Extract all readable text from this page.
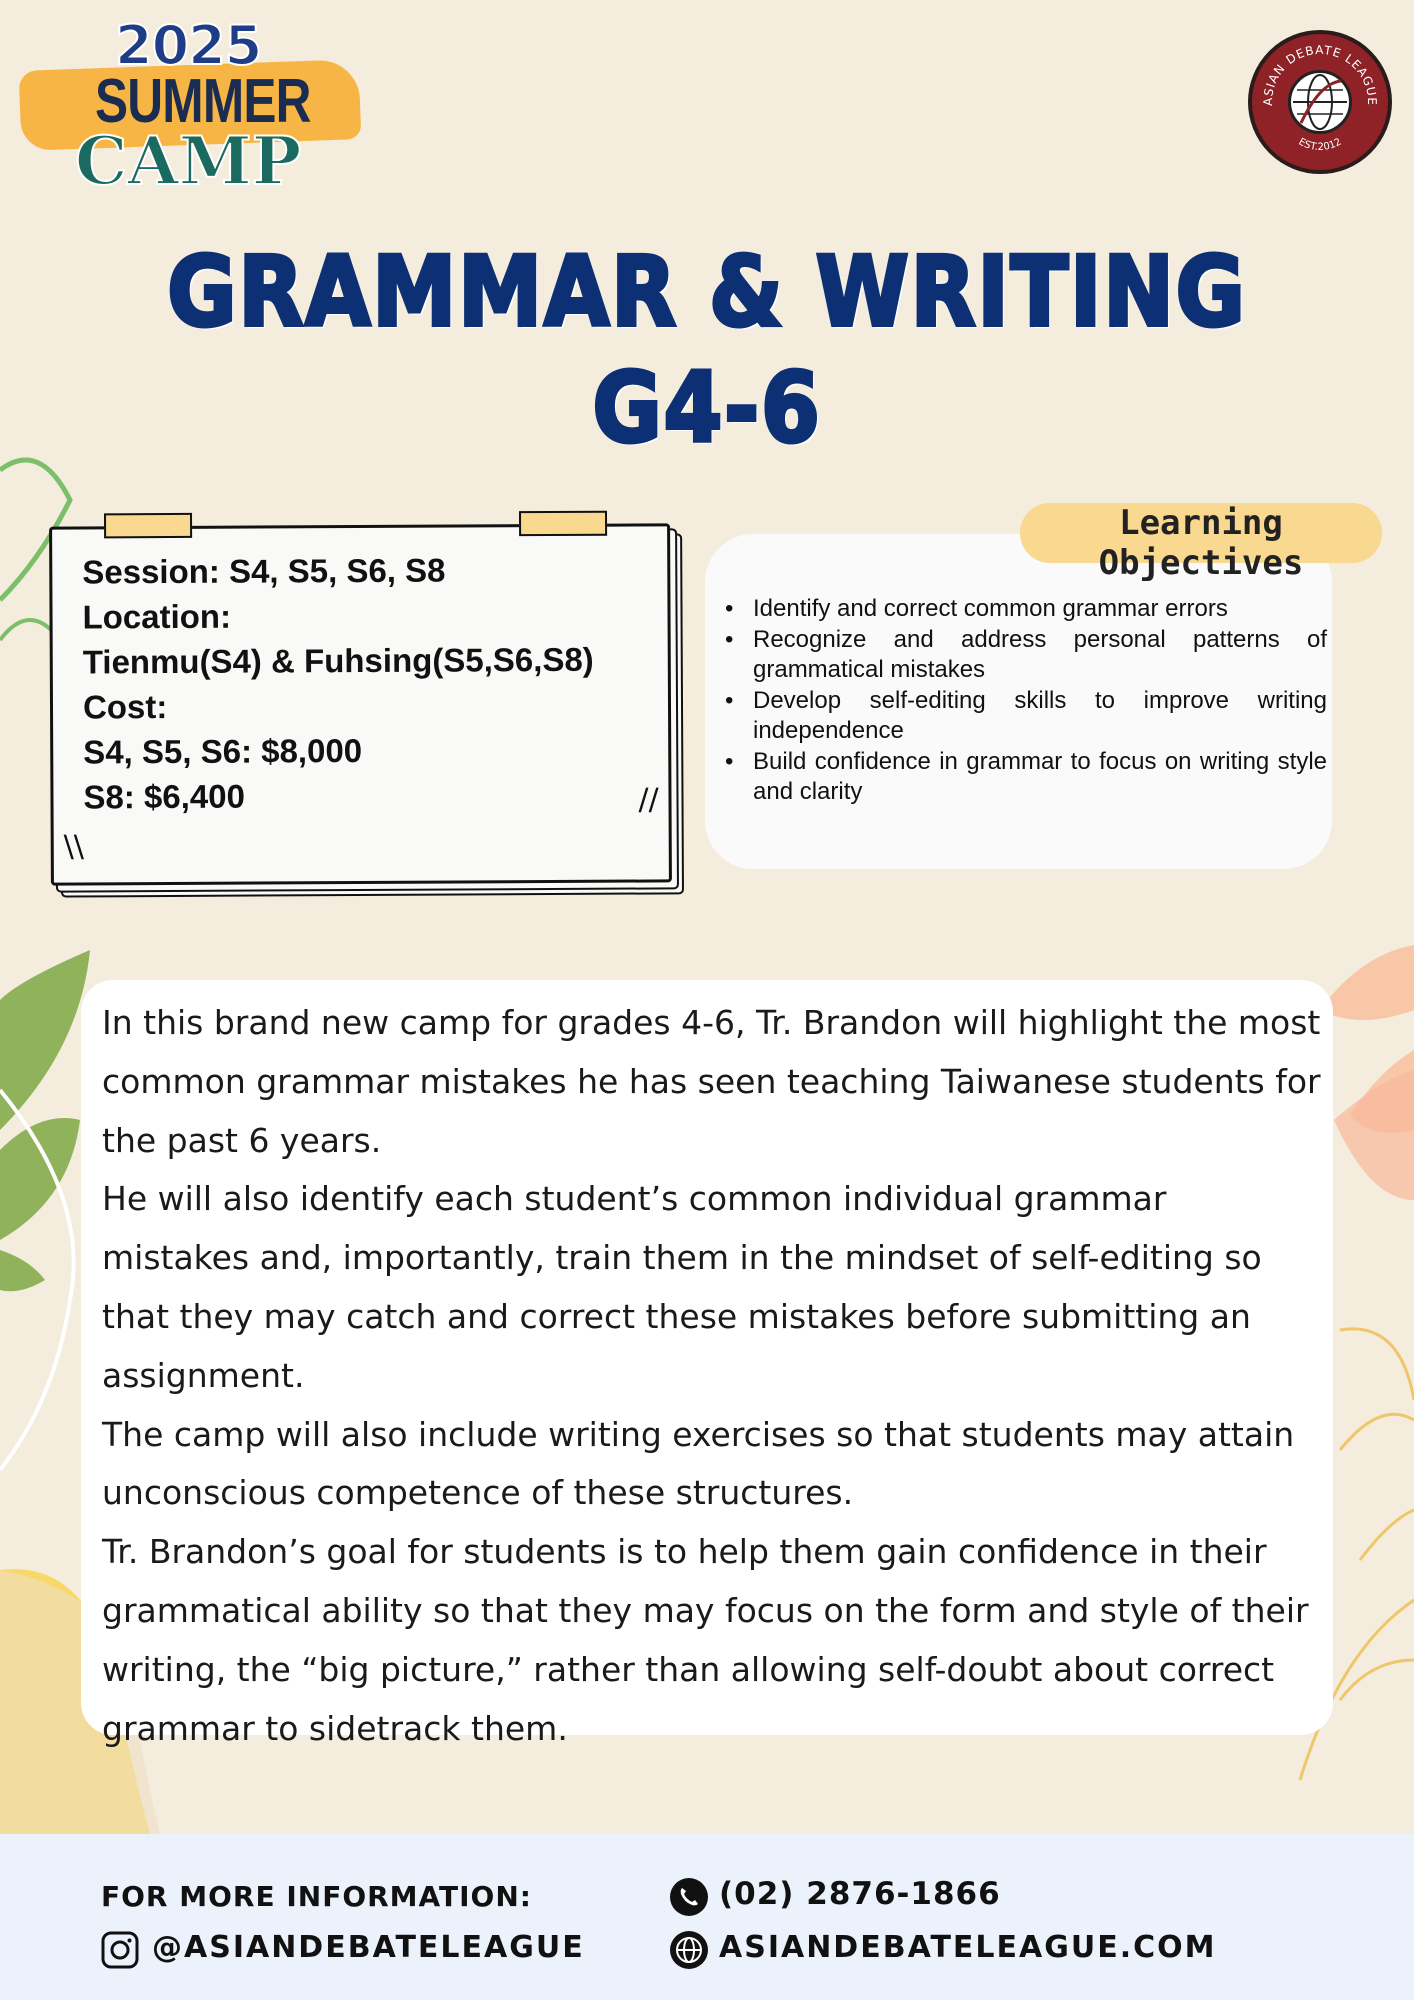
2025
SUMMER
CAMP
ASIAN DEBATE LEAGUE
EST.2012
GRAMMAR & WRITING
G4-6
Session: S4, S5, S6, S8
Location:
Tienmu(S4) & Fuhsing(S5,S6,S8)
Cost:
S4, S5, S6: $8,000
S8: $6,400	//
\\
• Identify and correct common grammar errors
• Recognize and address personal patterns of grammatical mistakes
• Develop self-editing skills to improve writing independence
• Build confidence in grammar to focus on writing style and clarity
Learning Objectives

In this brand new camp for grades 4-6, Tr. Brandon will highlight the most common grammar mistakes he has seen teaching Taiwanese students for the past 6 years.

He will also identify each student’s common individual grammar mistakes and, importantly, train them in the mindset of self-editing so that they may catch and correct these mistakes before submitting an assignment.

The camp will also include writing exercises so that students may attain unconscious competence of these structures.

Tr. Brandon’s goal for students is to help them gain confidence in their grammatical ability so that they may focus on the form and style of their writing, the “big picture,” rather than allowing self-doubt about correct grammar to sidetrack them.

FOR MORE INFORMATION:
@ASIANDEBATELEAGUE
(02) 2876-1866
ASIANDEBATELEAGUE.COM
